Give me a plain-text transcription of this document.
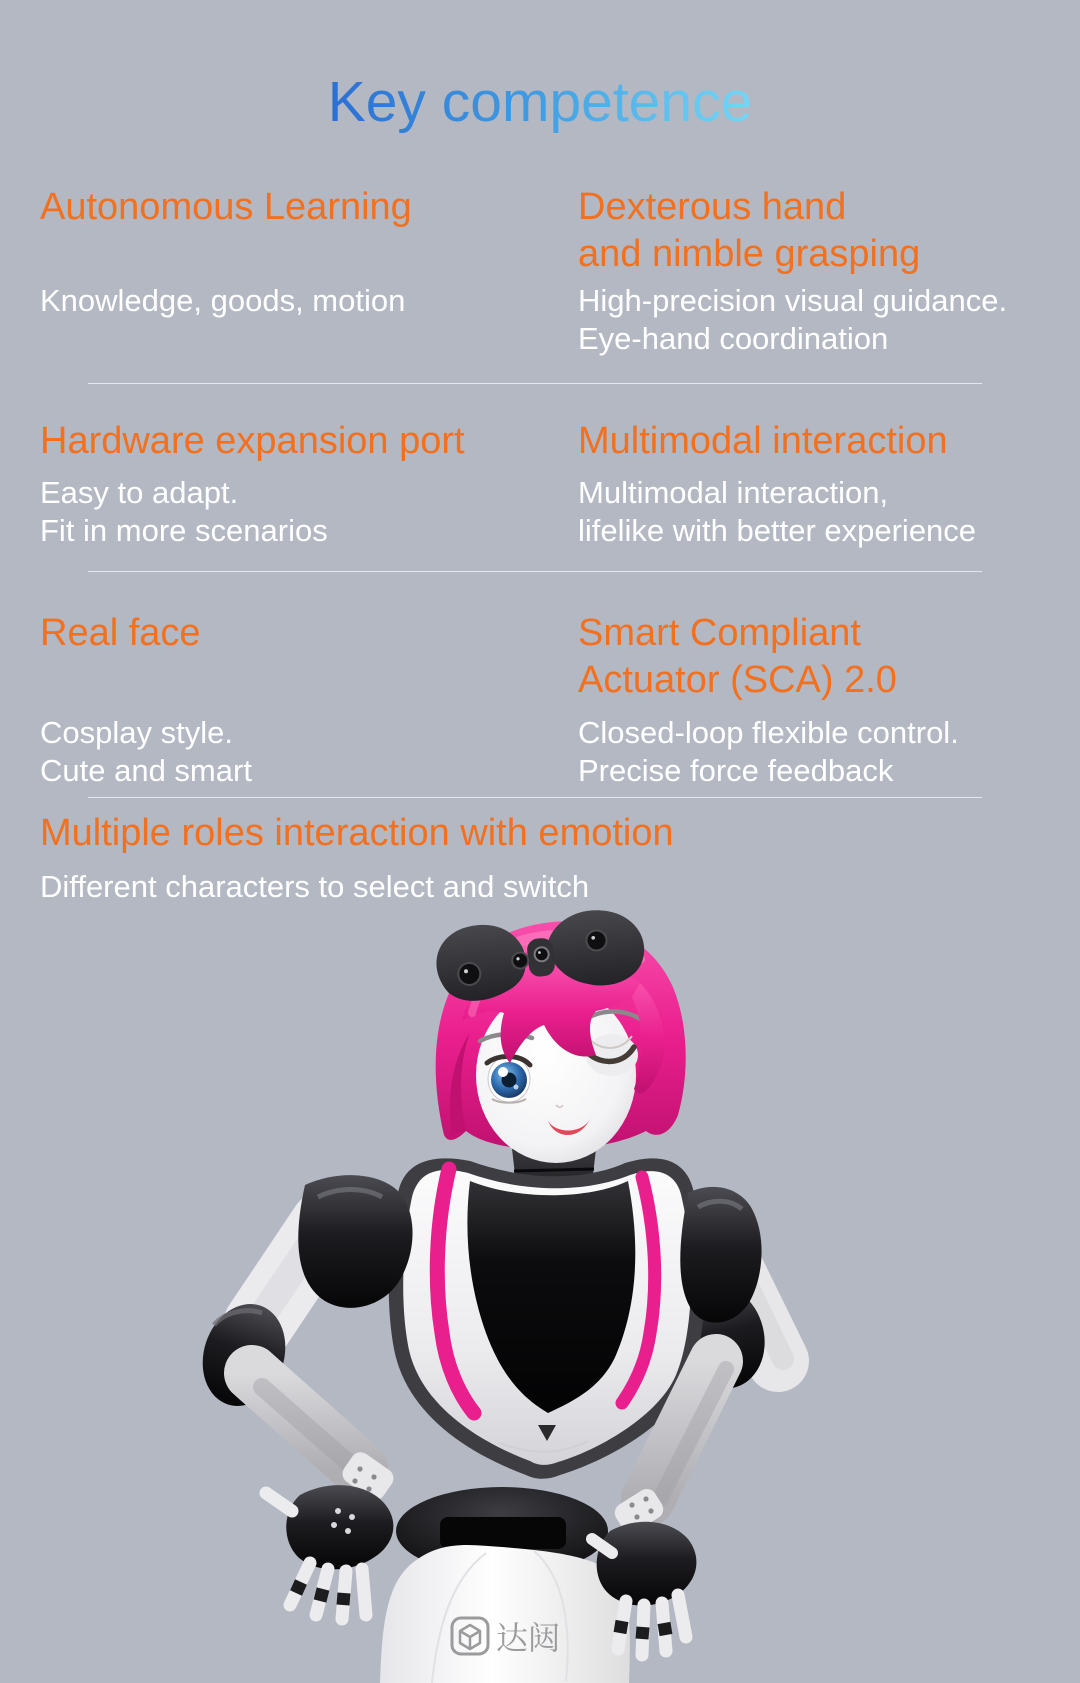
Key competence
Autonomous Learning
Knowledge, goods, motion
Dexterous hand
and nimble grasping
High-precision visual guidance.
Eye-hand coordination
Hardware expansion port
Easy to adapt.
Fit in more scenarios
Multimodal interaction
Multimodal interaction,
lifelike with better experience
Real face
Cosplay style.
Cute and smart
Smart Compliant
Actuator (SCA) 2.0
Closed-loop flexible control.
Precise force feedback
Multiple roles interaction with emotion
Different characters to select and switch
达闼
